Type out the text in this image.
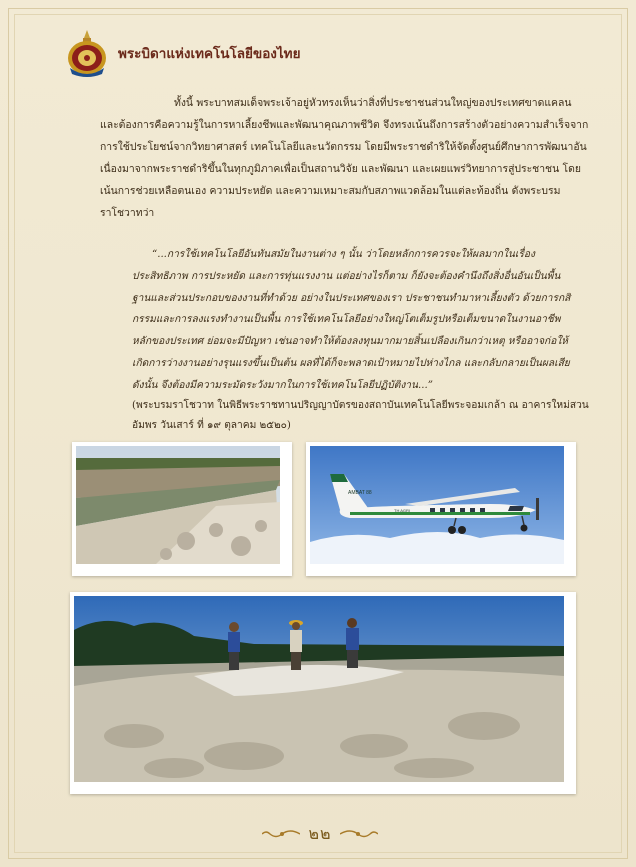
พระบิดาแห่งเทคโนโลยีของไทย

ทั้งนี้ พระบาทสมเด็จพระเจ้าอยู่หัวทรงเห็นว่าสิ่งที่ประชาชนส่วนใหญ่ของประเทศขาดแคลนและต้องการคือความรู้ในการหาเลี้ยงชีพและพัฒนาคุณภาพชีวิต จึงทรงเน้นถึงการสร้างตัวอย่างความสำเร็จจากการใช้ประโยชน์จากวิทยาศาสตร์ เทคโนโลยีและนวัตกรรม โดยมีพระราชดำริให้จัดตั้งศูนย์ศึกษาการพัฒนาอันเนื่องมาจากพระราชดำริขึ้นในทุกภูมิภาคเพื่อเป็นสถานวิจัย และพัฒนา และเผยแพร่วิทยาการสู่ประชาชน โดยเน้นการช่วยเหลือตนเอง ความประหยัด และความเหมาะสมกับสภาพแวดล้อมในแต่ละท้องถิ่น ดังพระบรมราโชวาทว่า

“...การใช้เทคโนโลยีอันทันสมัยในงานต่าง ๆ นั้น ว่าโดยหลักการควรจะให้ผลมากในเรื่องประสิทธิภาพ การประหยัด และการทุ่นแรงงาน แต่อย่างไรก็ตาม ก็ยังจะต้องคำนึงถึงสิ่งอื่นอันเป็นพื้นฐานและส่วนประกอบของงานที่ทำด้วย อย่างในประเทศของเรา ประชาชนทำมาหาเลี้ยงตัว ด้วยการกสิกรรมและการลงแรงทำงานเป็นพื้น การใช้เทคโนโลยีอย่างใหญ่โตเต็มรูปหรือเต็มขนาดในงานอาชีพหลักของประเทศ ย่อมจะมีปัญหา เช่นอาจทำให้ต้องลงทุนมากมายสิ้นเปลืองเกินกว่าเหตุ หรืออาจก่อให้เกิดการว่างงานอย่างรุนแรงขึ้นเป็นต้น ผลที่ได้ก็จะพลาดเป้าหมายไปห่างไกล และกลับกลายเป็นผลเสียดังนั้น จึงต้องมีความระมัดระวังมากในการใช้เทคโนโลยีปฏิบัติงาน...”

(พระบรมราโชวาท ในพิธีพระราชทานปริญญาบัตรของสถาบันเทคโนโลยีพระจอมเกล้า ณ อาคารใหม่สวนอัมพร วันเสาร์ ที่ ๑๙ ตุลาคม ๒๕๒๐)

AMBAT 88
TH AGRI
๒๒
